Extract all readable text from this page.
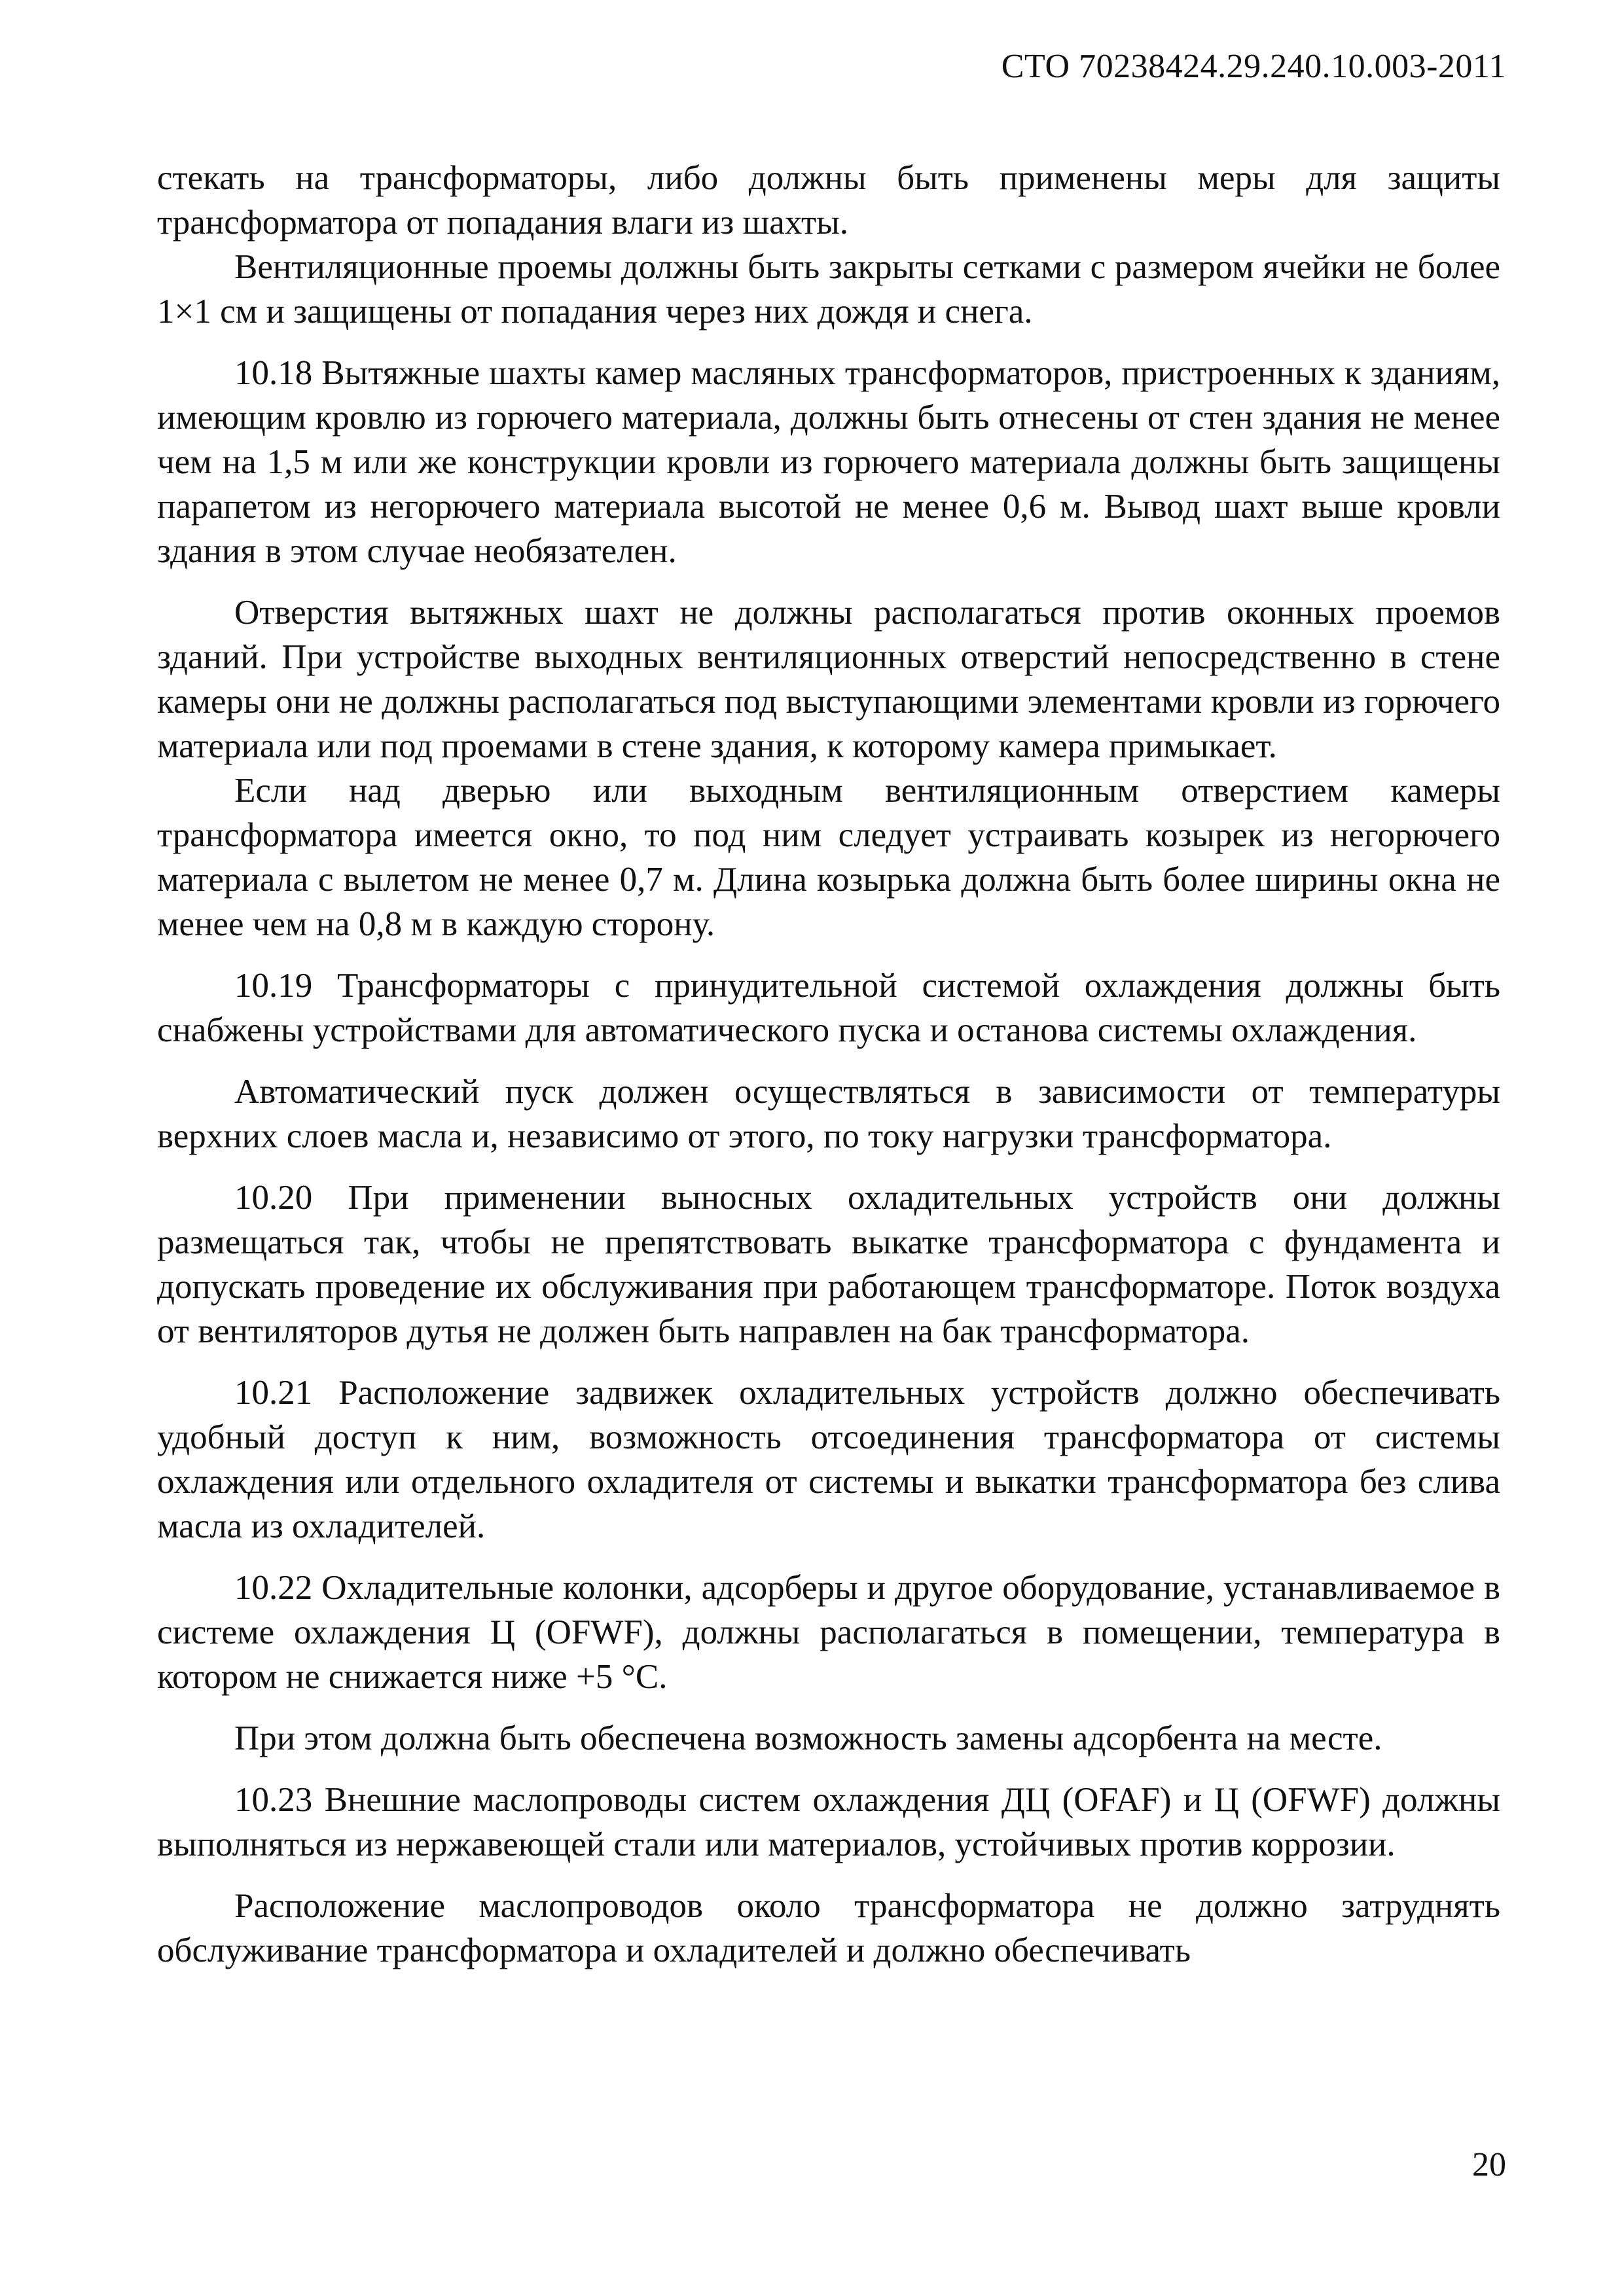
СТО 70238424.29.240.10.003-2011

стекать на трансформаторы, либо должны быть применены меры для защиты трансформатора от попадания влаги из шахты.

Вентиляционные проемы должны быть закрыты сетками с размером ячейки не более 1×1 см и защищены от попадания через них дождя и снега.

10.18 Вытяжные шахты камер масляных трансформаторов, пристроенных к зданиям, имеющим кровлю из горючего материала, должны быть отнесены от стен здания не менее чем на 1,5 м или же конструкции кровли из горючего материала должны быть защищены парапетом из негорючего материала высотой не менее 0,6 м. Вывод шахт выше кровли здания в этом случае необязателен.

Отверстия вытяжных шахт не должны располагаться против оконных проемов зданий. При устройстве выходных вентиляционных отверстий непосредственно в стене камеры они не должны располагаться под выступающими элементами кровли из горючего материала или под проемами в стене здания, к которому камера примыкает.

Если над дверью или выходным вентиляционным отверстием камеры трансформатора имеется окно, то под ним следует устраивать козырек из негорючего материала с вылетом не менее 0,7 м. Длина козырька должна быть более ширины окна не менее чем на 0,8 м в каждую сторону.

10.19 Трансформаторы с принудительной системой охлаждения должны быть снабжены устройствами для автоматического пуска и останова системы охлаждения.

Автоматический пуск должен осуществляться в зависимости от температуры верхних слоев масла и, независимо от этого, по току нагрузки трансформатора.

10.20 При применении выносных охладительных устройств они должны размещаться так, чтобы не препятствовать выкатке трансформатора с фундамента и допускать проведение их обслуживания при работающем трансформаторе. Поток воздуха от вентиляторов дутья не должен быть направлен на бак трансформатора.

10.21 Расположение задвижек охладительных устройств должно обеспечивать удобный доступ к ним, возможность отсоединения трансформатора от системы охлаждения или отдельного охладителя от системы и выкатки трансформатора без слива масла из охладителей.

10.22 Охладительные колонки, адсорберы и другое оборудование, устанавливаемое в системе охлаждения Ц (OFWF), должны располагаться в помещении, температура в котором не снижается ниже +5 °С.

При этом должна быть обеспечена возможность замены адсорбента на месте.

10.23 Внешние маслопроводы систем охлаждения ДЦ (OFAF) и Ц (OFWF) должны выполняться из нержавеющей стали или материалов, устойчивых против коррозии.

Расположение маслопроводов около трансформатора не должно затруднять обслуживание трансформатора и охладителей и должно обеспечивать

20
